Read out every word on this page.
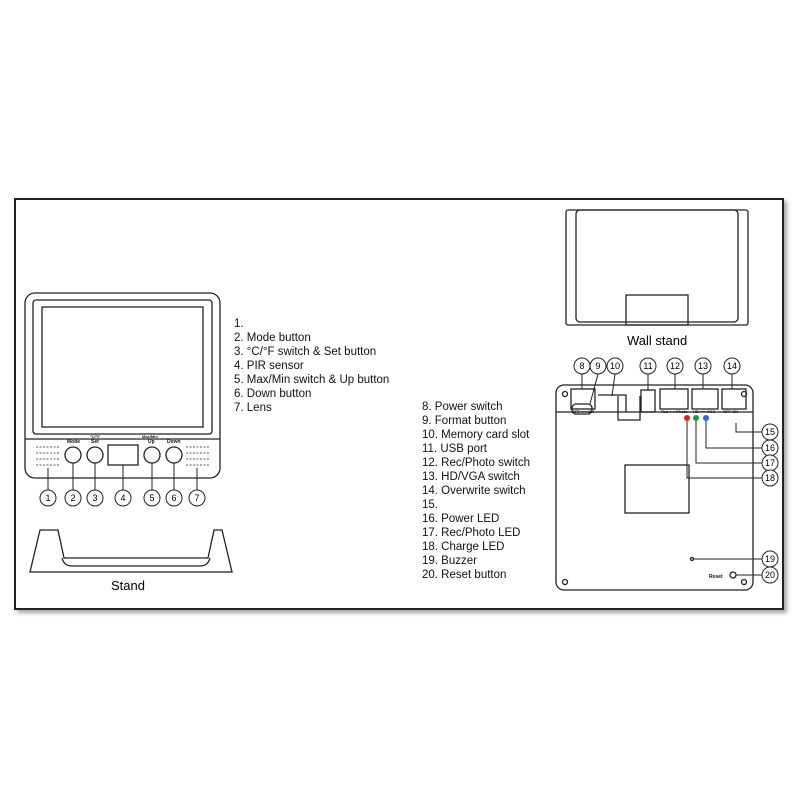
Mode
°C/°F
Set
Max/Min
Up Down
1 2 3	4	5 6 7
Stand
Wall stand
OFF ⟷ ON	Rec ⟷ Photo HD ⟷ VGA OFF ON
Reset
8 9 10	11 12 13 14
15
16
17
18
19
20
1.
2. Mode button
3. °C/°F switch & Set button
4. PIR sensor
5. Max/Min switch & Up button
6. Down button
7. Lens	8. Power switch
9. Format button
10. Memory card slot
11. USB port
12. Rec/Photo switch
13. HD/VGA switch
14. Overwrite switch
15.
16. Power LED
17. Rec/Photo LED
18. Charge LED
19. Buzzer
20. Reset button
